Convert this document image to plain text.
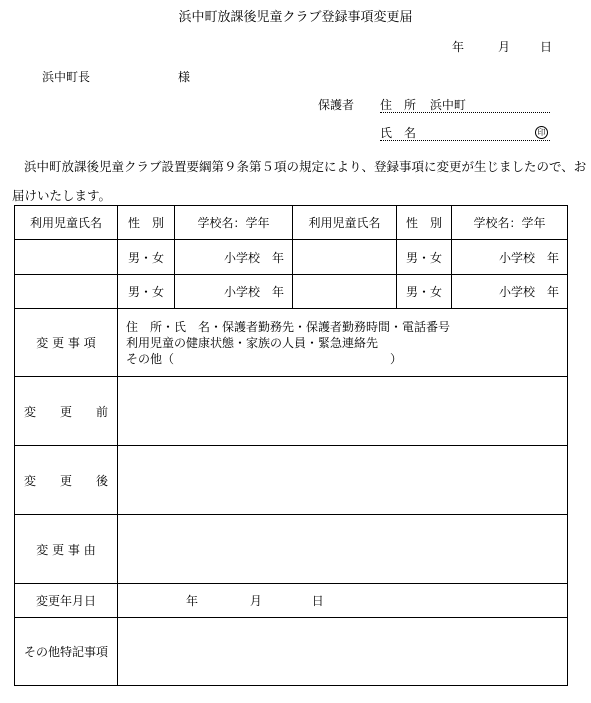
浜中町放課後児童クラブ登録事項変更届
年	月 日
浜中町長	様
保護者 住　所 浜中町
氏　名	印
浜中町放課後児童クラブ設置要綱第９条第５項の規定により、登録事項に変更が生じましたので、お届けいたします。
利用児童氏名	性　別	学校名：学年	利用児童氏名	性　別	学校名：学年
	男・女	小学校　年		男・女	小学校　年
	男・女	小学校　年		男・女	小学校　年
変 更 事 項	住　所・氏　名・保護者勤務先・保護者勤務時間・電話番号
利用児童の健康状態・家族の人員・緊急連絡先
その他（　　　　　　　　　　　　　　　　　　）				

変　　更　　前					
変　　更　　後					
変 更 事 由					
変更年月日	年 月 日				
その他特記事項					
